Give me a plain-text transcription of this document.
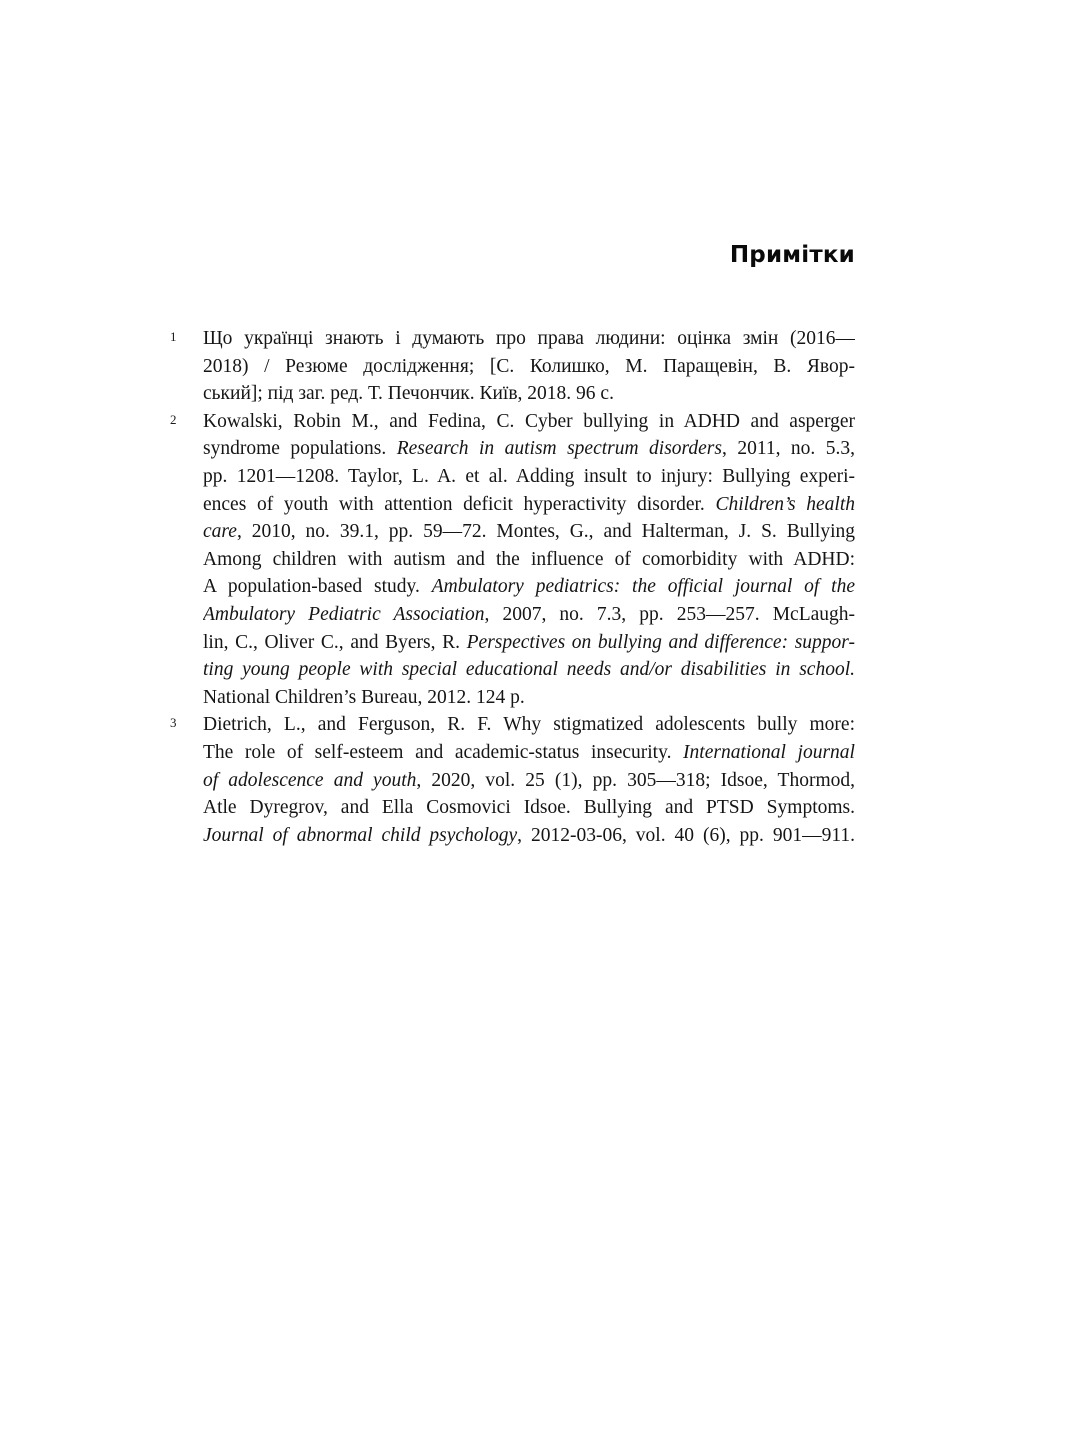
Примітки
1	Що українці знають і думають про права людини: оцінка змін (2016—
2018) / Резюме дослідження; [С. Колишко, М. Паращевін, В. Явор-
ський]; під заг. ред. Т. Печончик. Київ, 2018. 96 с.
2	Kowalski, Robin M., and Fedina, C. Cyber bullying in ADHD and asperger
syndrome populations. Research in autism spectrum disorders, 2011, no. 5.3,
pp. 1201—1208. Taylor, L. A. et al. Adding insult to injury: Bullying experi-
ences of youth with attention deficit hyperactivity disorder. Children’s health
care, 2010, no. 39.1, pp. 59—72. Montes, G., and Halterman, J. S. Bullying
Among children with autism and the influence of comorbidity with ADHD:
A population-based study. Ambulatory pediatrics: the official journal of the
Ambulatory Pediatric Association, 2007, no. 7.3, pp. 253—257. McLaugh-
lin, C., Oliver C., and Byers, R. Perspectives on bullying and difference: suppor-
ting young people with special educational needs and/or disabilities in school.
National Children’s Bureau, 2012. 124 p.
3	Dietrich, L., and Ferguson, R. F. Why stigmatized adolescents bully more:
The role of self-esteem and academic-status insecurity. International journal
of adolescence and youth, 2020, vol. 25 (1), pp. 305—318; Idsoe, Thormod,
Atle Dyregrov, and Ella Cosmovici Idsoe. Bullying and PTSD Symptoms.
Journal of abnormal child psychology, 2012-03-06, vol. 40 (6), pp. 901—911.
